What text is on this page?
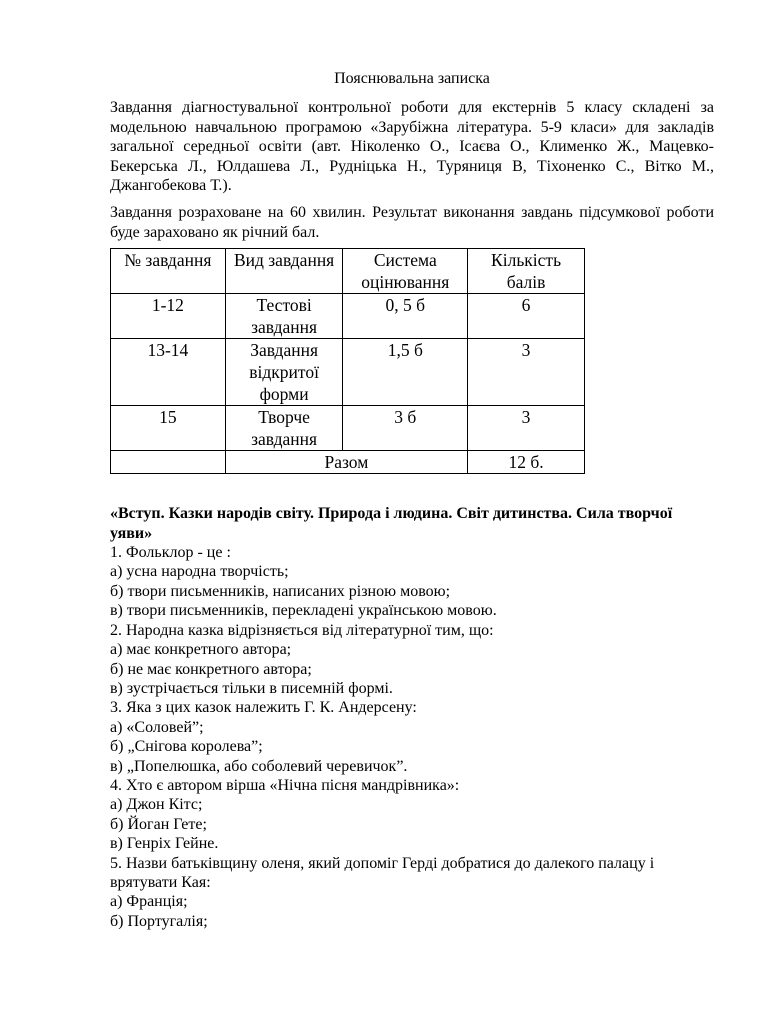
Пояснювальна записка

Завдання діагностувальної контрольної роботи для екстернів 5 класу складені за модельною навчальною програмою «Зарубіжна література. 5-9 класи» для закладів загальної середньої освіти (авт. Ніколенко О., Ісаєва О., Клименко Ж., Мацевко-Бекерська Л., Юлдашева Л., Рудніцька Н., Туряниця В, Тіхоненко С., Вітко М., Джангобекова Т.).

Завдання розраховане на 60 хвилин. Результат виконання завдань підсумкової роботи буде зараховано як річний бал.

№ завдання	Вид завдання	Система оцінювання	Кількість балів
1-12	Тестові завдання	0, 5 б	6
13-14	Завдання відкритої форми	1,5 б	3
15	Творче завдання	3 б	3
	Разом		12 б.

«Вступ. Казки народів світу. Природа і людина. Світ дитинства. Сила творчої уяви»

1. Фольклор - це :

а) усна народна творчість;

б) твори письменників, написаних різною мовою;

в) твори письменників, перекладені українською мовою.

2. Народна казка відрізняється від літературної тим, що:

а) має конкретного автора;

б) не має конкретного автора;

в) зустрічається тільки в писемній формі.

3. Яка з цих казок належить Г. К. Андерсену:

а) «Соловей”;

б) „Снігова королева”;

в) „Попелюшка, або соболевий черевичок”.

4. Хто є автором вірша «Нічна пісня мандрівника»:

а) Джон Кітс;

б) Йоган Гете;

в) Генріх Гейне.

5. Назви батьківщину оленя, який допоміг Герді добратися до далекого палацу і врятувати Кая:

а) Франція;

б) Португалія;
